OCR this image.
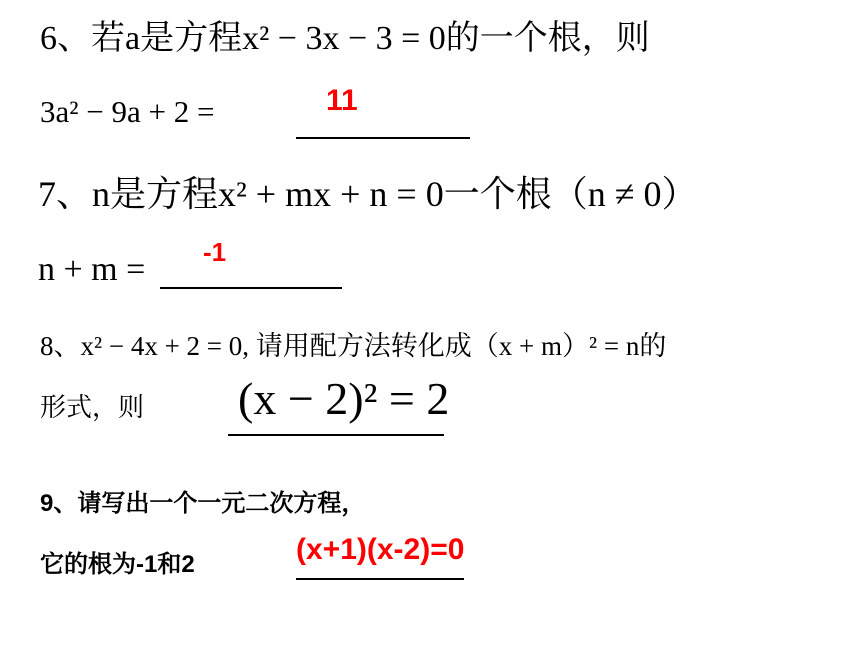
6、若a是方程x² − 3x − 3 = 0的一个根，则
3a² − 9a + 2 =	11
7、n是方程x² + mx + n = 0一个根（n ≠ 0）
n + m = -1
8、x² − 4x + 2 = 0, 请用配方法转化成（x + m）² = n的
形式，则 (x − 2)² = 2
9、请写出一个一元二次方程，
它的根为-1和2	(x+1)(x-2)=0
